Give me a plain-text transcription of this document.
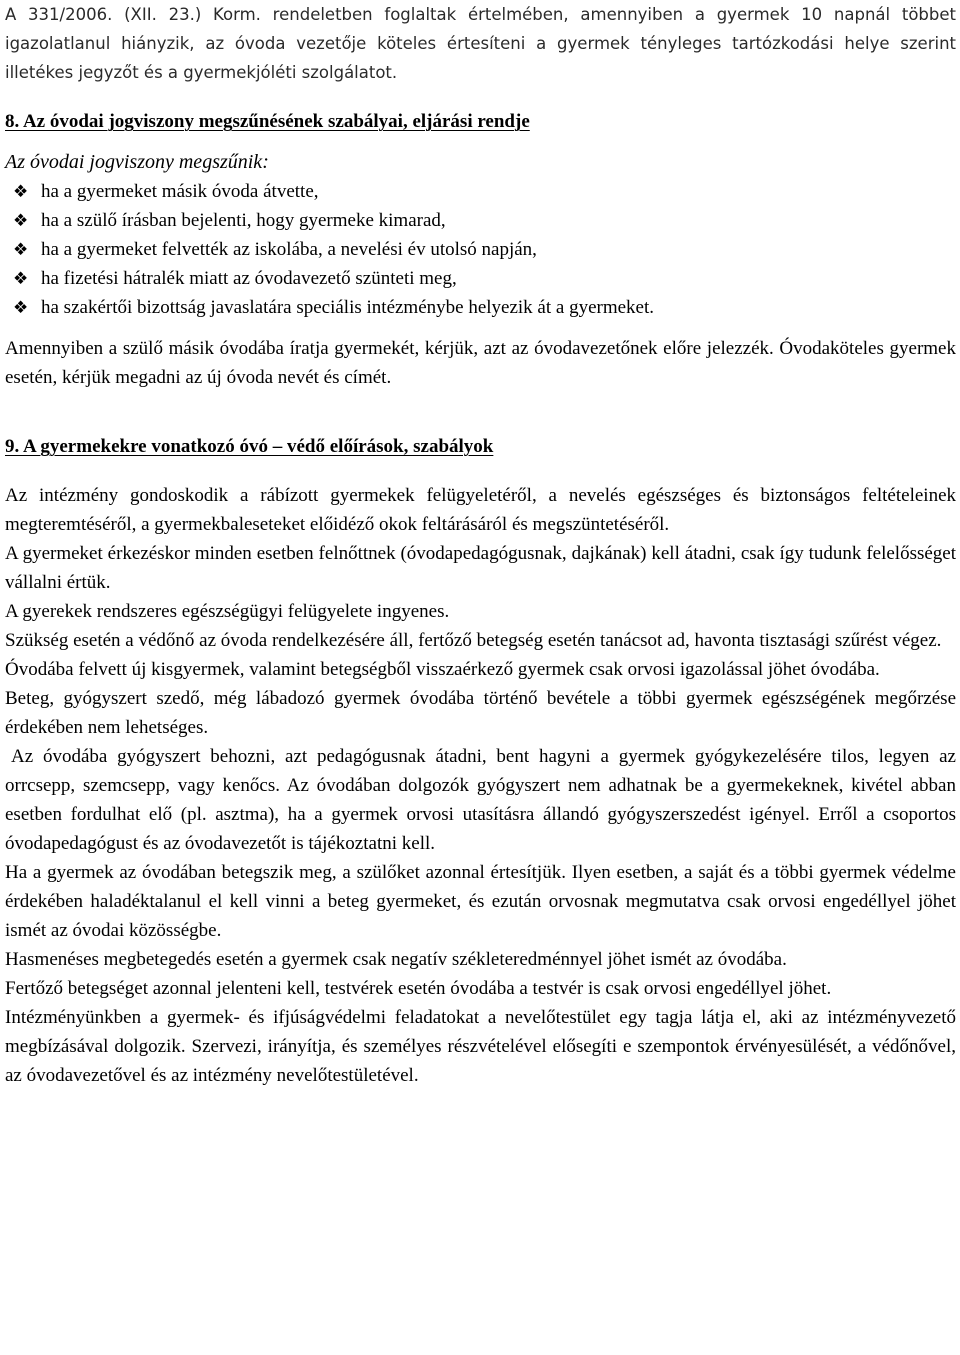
A 331/2006. (XII. 23.) Korm. rendeletben foglaltak értelmében, amennyiben a gyermek 10 napnál többet igazolatlanul hiányzik, az óvoda vezetője köteles értesíteni a gyermek tényleges tartózkodási helye szerint illetékes jegyzőt és a gyermekjóléti szolgálatot.

8. Az óvodai jogviszony megszűnésének szabályai, eljárási rendje

Az óvodai jogviszony megszűnik:

❖ ha a gyermeket másik óvoda átvette,
❖ ha a szülő írásban bejelenti, hogy gyermeke kimarad,
❖ ha a gyermeket felvették az iskolába, a nevelési év utolsó napján,
❖ ha fizetési hátralék miatt az óvodavezető szünteti meg,
❖ ha szakértői bizottság javaslatára speciális intézménybe helyezik át a gyermeket.

Amennyiben a szülő másik óvodába íratja gyermekét, kérjük, azt az óvodavezetőnek előre jelezzék. Óvodaköteles gyermek esetén, kérjük megadni az új óvoda nevét és címét.

9. A gyermekekre vonatkozó óvó – védő előírások, szabályok

Az intézmény gondoskodik a rábízott gyermekek felügyeletéről, a nevelés egészséges és biztonságos feltételeinek megteremtéséről, a gyermekbaleseteket előidéző okok feltárásáról és megszüntetéséről.

A gyermeket érkezéskor minden esetben felnőttnek (óvodapedagógusnak, dajkának) kell átadni, csak így tudunk felelősséget vállalni értük.

A gyerekek rendszeres egészségügyi felügyelete ingyenes.

Szükség esetén a védőnő az óvoda rendelkezésére áll, fertőző betegség esetén tanácsot ad, havonta tisztasági szűrést végez.

Óvodába felvett új kisgyermek, valamint betegségből visszaérkező gyermek csak orvosi igazolással jöhet óvodába.

Beteg, gyógyszert szedő, még lábadozó gyermek óvodába történő bevétele a többi gyermek egészségének megőrzése érdekében nem lehetséges.

Az óvodába gyógyszert behozni, azt pedagógusnak átadni, bent hagyni a gyermek gyógykezelésére tilos, legyen az orrcsepp, szemcsepp, vagy kenőcs. Az óvodában dolgozók gyógyszert nem adhatnak be a gyermekeknek, kivétel abban esetben fordulhat elő (pl. asztma), ha a gyermek orvosi utasításra állandó gyógyszerszedést igényel. Erről a csoportos óvodapedagógust és az óvodavezetőt is tájékoztatni kell.

Ha a gyermek az óvodában betegszik meg, a szülőket azonnal értesítjük. Ilyen esetben, a saját és a többi gyermek védelme érdekében haladéktalanul el kell vinni a beteg gyermeket, és ezután orvosnak megmutatva csak orvosi engedéllyel jöhet ismét az óvodai közösségbe.

Hasmenéses megbetegedés esetén a gyermek csak negatív székleteredménnyel jöhet ismét az óvodába.

Fertőző betegséget azonnal jelenteni kell, testvérek esetén óvodába a testvér is csak orvosi engedéllyel jöhet.

Intézményünkben a gyermek- és ifjúságvédelmi feladatokat a nevelőtestület egy tagja látja el, aki az intézményvezető megbízásával dolgozik. Szervezi, irányítja, és személyes részvételével elősegíti e szempontok érvényesülését, a védőnővel, az óvodavezetővel és az intézmény nevelőtestületével.
